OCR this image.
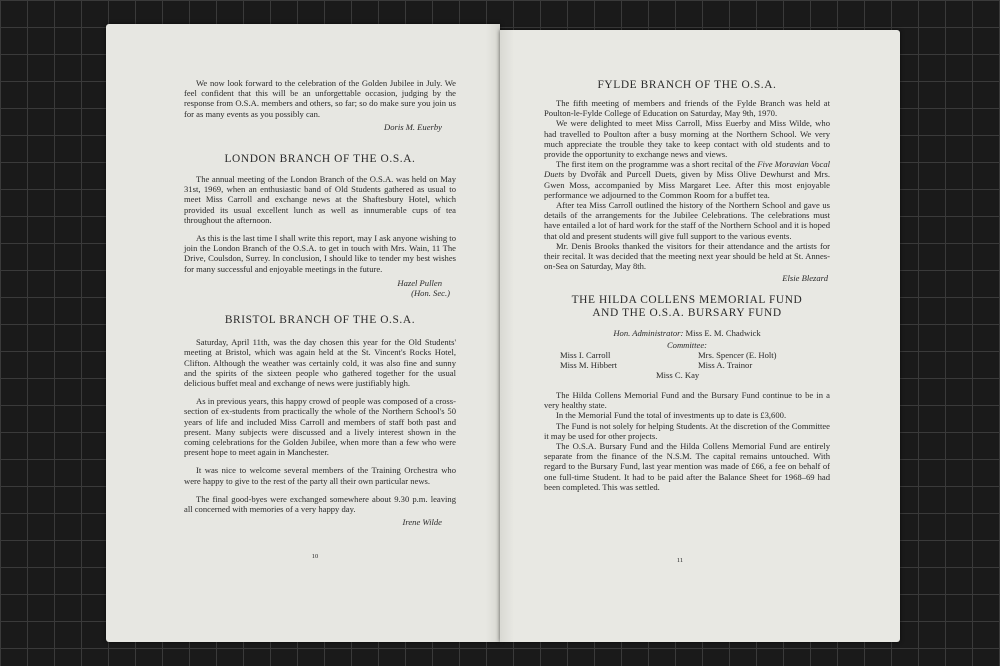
We now look forward to the celebration of the Golden Jubilee in July. We feel confident that this will be an unforgettable occasion, judging by the response from O.S.A. members and others, so far; so do make sure you join us for as many events as you possibly can.

Doris M. Euerby

LONDON BRANCH OF THE O.S.A.

The annual meeting of the London Branch of the O.S.A. was held on May 31st, 1969, when an enthusiastic band of Old Students gathered as usual to meet Miss Carroll and exchange news at the Shaftesbury Hotel, which provided its usual excellent lunch as well as innumerable cups of tea throughout the afternoon.

As this is the last time I shall write this report, may I ask anyone wishing to join the London Branch of the O.S.A. to get in touch with Mrs. Wain, 11 The Drive, Coulsdon, Surrey. In conclusion, I should like to tender my best wishes for many successful and enjoyable meetings in the future.

Hazel Pullen

(Hon. Sec.)

BRISTOL BRANCH OF THE O.S.A.

Saturday, April 11th, was the day chosen this year for the Old Students' meeting at Bristol, which was again held at the St. Vincent's Rocks Hotel, Clifton. Although the weather was certainly cold, it was also fine and sunny and the spirits of the sixteen people who gathered together for the usual delicious buffet meal and exchange of news were justifiably high.

As in previous years, this happy crowd of people was composed of a cross-section of ex-students from practically the whole of the Northern School's 50 years of life and included Miss Carroll and members of staff both past and present. Many subjects were discussed and a lively interest shown in the coming celebrations for the Golden Jubilee, when more than a few who were present hope to meet again in Manchester.

It was nice to welcome several members of the Training Orchestra who were happy to give to the rest of the party all their own particular news.

The final good-byes were exchanged somewhere about 9.30 p.m. leaving all concerned with memories of a very happy day.

Irene Wilde

10
FYLDE BRANCH OF THE O.S.A.

The fifth meeting of members and friends of the Fylde Branch was held at Poulton-le-Fylde College of Education on Saturday, May 9th, 1970.

We were delighted to meet Miss Carroll, Miss Euerby and Miss Wilde, who had travelled to Poulton after a busy morning at the Northern School. We very much appreciate the trouble they take to keep contact with old students and to provide the opportunity to exchange news and views.

The first item on the programme was a short recital of the Five Moravian Vocal Duets by Dvořák and Purcell Duets, given by Miss Olive Dewhurst and Mrs. Gwen Moss, accompanied by Miss Margaret Lee. After this most enjoyable performance we adjourned to the Common Room for a buffet tea.

After tea Miss Carroll outlined the history of the Northern School and gave us details of the arrangements for the Jubilee Celebrations. The celebrations must have entailed a lot of hard work for the staff of the Northern School and it is hoped that old and present students will give full support to the various events.

Mr. Denis Brooks thanked the visitors for their attendance and the artists for their recital. It was decided that the meeting next year should be held at St. Annes-on-Sea on Saturday, May 8th.

Elsie Blezard

THE HILDA COLLENS MEMORIAL FUND
AND THE O.S.A. BURSARY FUND

Hon. Administrator: Miss E. M. Chadwick

Committee:

Miss I. Carroll	Mrs. Spencer (E. Holt)
Miss M. Hibbert	Miss A. Trainor
Miss C. Kay

The Hilda Collens Memorial Fund and the Bursary Fund continue to be in a very healthy state.

In the Memorial Fund the total of investments up to date is £3,600.

The Fund is not solely for helping Students. At the discretion of the Committee it may be used for other projects.

The O.S.A. Bursary Fund and the Hilda Collens Memorial Fund are entirely separate from the finance of the N.S.M. The capital remains untouched. With regard to the Bursary Fund, last year mention was made of £66, a fee on behalf of one full-time Student. It had to be paid after the Balance Sheet for 1968–69 had been completed. This was settled.

11
